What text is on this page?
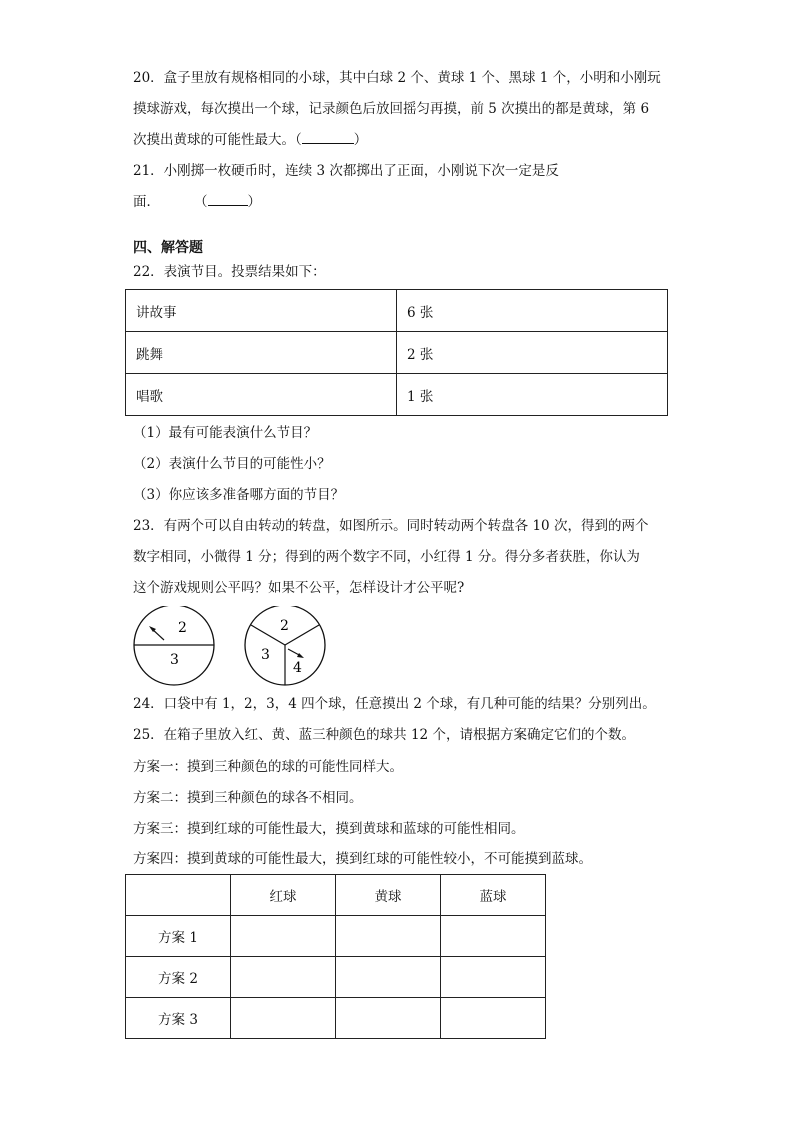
20．盒子里放有规格相同的小球，其中白球 2 个、黄球 1 个、黑球 1 个，小明和小刚玩
摸球游戏，每次摸出一个球，记录颜色后放回摇匀再摸，前 5 次摸出的都是黄球，第 6
次摸出黄球的可能性最大。（	）
21．小刚掷一枚硬币时，连续 3 次都掷出了正面，小刚说下次一定是反
面．	（	）
四、解答题
22．表演节目。投票结果如下：
讲故事	6 张
跳舞	2 张
唱歌	1 张
（1）最有可能表演什么节目？
（2）表演什么节目的可能性小？
（3）你应该多准备哪方面的节目？
23．有两个可以自由转动的转盘，如图所示。同时转动两个转盘各 10 次，得到的两个
数字相同，小微得 1 分；得到的两个数字不同，小红得 1 分。得分多者获胜，你认为
这个游戏规则公平吗？如果不公平，怎样设计才公平呢?
2
3
2
3
4
24．口袋中有 1，2，3，4 四个球，任意摸出 2 个球，有几种可能的结果？分别列出。
25．在箱子里放入红、黄、蓝三种颜色的球共 12 个，请根据方案确定它们的个数。
方案一：摸到三种颜色的球的可能性同样大。
方案二：摸到三种颜色的球各不相同。
方案三：摸到红球的可能性最大，摸到黄球和蓝球的可能性相同。
方案四：摸到黄球的可能性最大，摸到红球的可能性较小，不可能摸到蓝球。
	红球	黄球	蓝球
方案 1			
方案 2			
方案 3			
